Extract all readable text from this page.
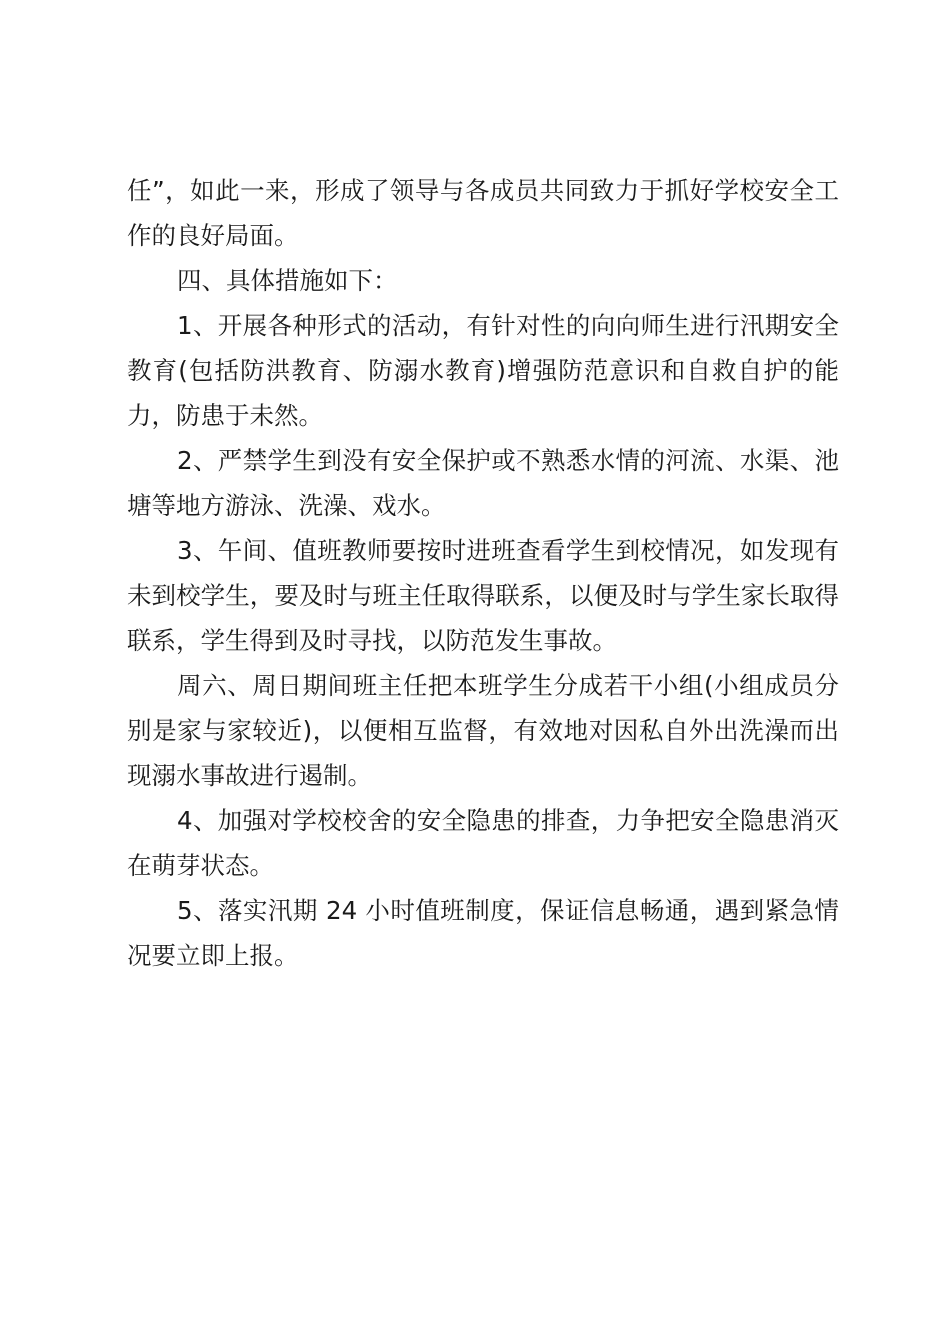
任”，如此一来，形成了领导与各成员共同致力于抓好学校安全工作的良好局面。

四、具体措施如下：

1、开展各种形式的活动，有针对性的向向师生进行汛期安全教育(包括防洪教育、防溺水教育)增强防范意识和自救自护的能力，防患于未然。

2、严禁学生到没有安全保护或不熟悉水情的河流、水渠、池塘等地方游泳、洗澡、戏水。

3、午间、值班教师要按时进班查看学生到校情况，如发现有未到校学生，要及时与班主任取得联系，以便及时与学生家长取得联系，学生得到及时寻找，以防范发生事故。

周六、周日期间班主任把本班学生分成若干小组(小组成员分别是家与家较近)，以便相互监督，有效地对因私自外出洗澡而出现溺水事故进行遏制。

4、加强对学校校舍的安全隐患的排查，力争把安全隐患消灭在萌芽状态。

5、落实汛期 24 小时值班制度，保证信息畅通，遇到紧急情况要立即上报。
